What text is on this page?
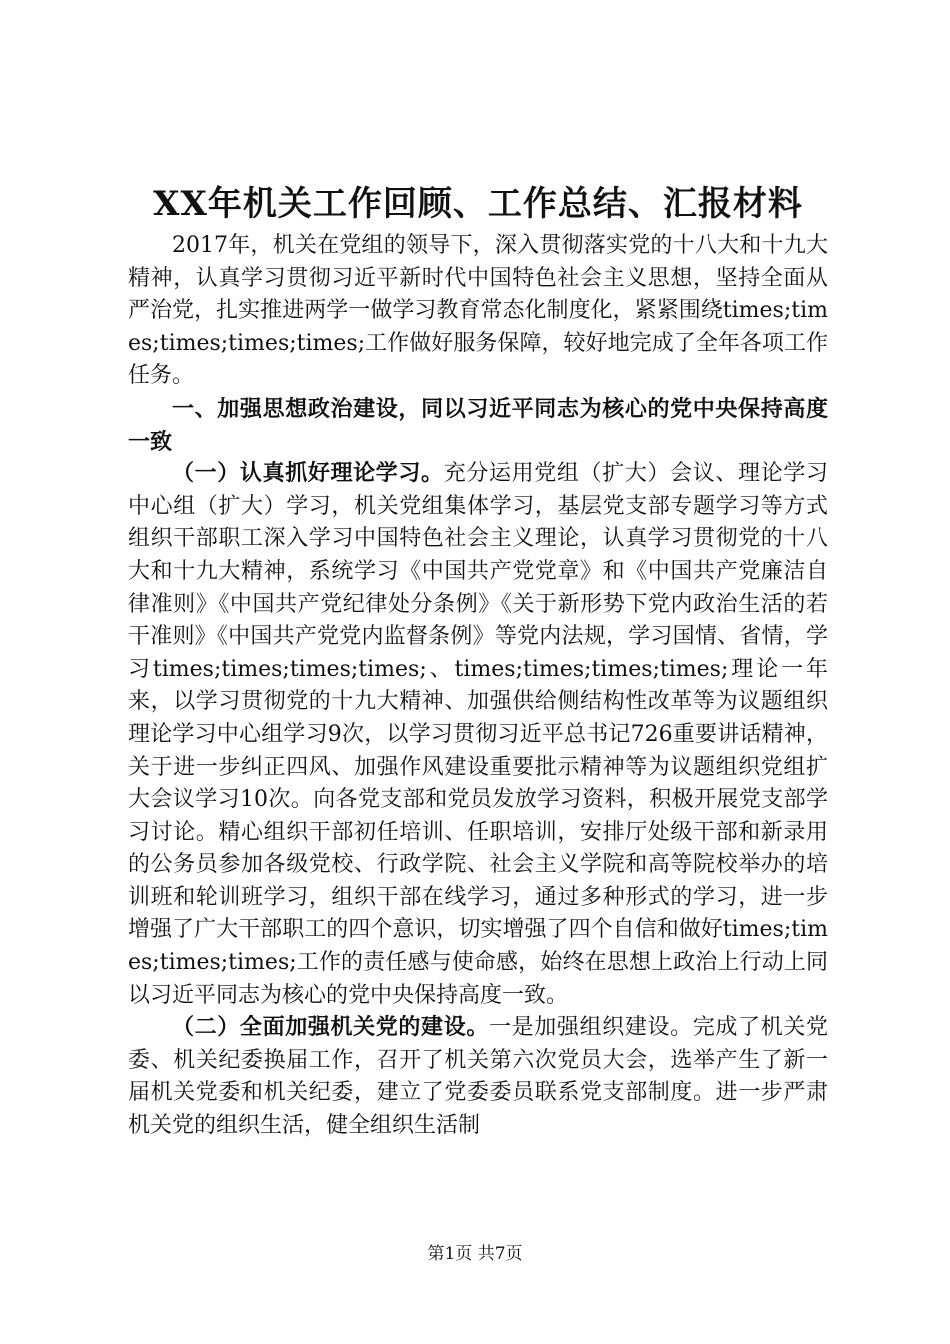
XX年机关工作回顾、工作总结、汇报材料

2017年，机关在党组的领导下，深入贯彻落实党的十八大和十九大精神，认真学习贯彻习近平新时代中国特色社会主义思想，坚持全面从严治党，扎实推进两学一做学习教育常态化制度化，紧紧围绕times;times;times;times;times;工作做好服务保障，较好地完成了全年各项工作任务。

一、加强思想政治建设，同以习近平同志为核心的党中央保持高度一致

（一）认真抓好理论学习。充分运用党组（扩大）会议、理论学习中心组（扩大）学习，机关党组集体学习，基层党支部专题学习等方式组织干部职工深入学习中国特色社会主义理论，认真学习贯彻党的十八大和十九大精神，系统学习《中国共产党党章》和《中国共产党廉洁自律准则》《中国共产党纪律处分条例》《关于新形势下党内政治生活的若干准则》《中国共产党党内监督条例》等党内法规，学习国情、省情，学习times;times;times;times;、times;times;times;times;理论一年来，以学习贯彻党的十九大精神、加强供给侧结构性改革等为议题组织理论学习中心组学习9次，以学习贯彻习近平总书记726重要讲话精神，关于进一步纠正四风、加强作风建设重要批示精神等为议题组织党组扩大会议学习10次。向各党支部和党员发放学习资料，积极开展党支部学习讨论。精心组织干部初任培训、任职培训，安排厅处级干部和新录用的公务员参加各级党校、行政学院、社会主义学院和高等院校举办的培训班和轮训班学习，组织干部在线学习，通过多种形式的学习，进一步增强了广大干部职工的四个意识，切实增强了四个自信和做好times;times;times;times;工作的责任感与使命感，始终在思想上政治上行动上同以习近平同志为核心的党中央保持高度一致。

（二）全面加强机关党的建设。一是加强组织建设。完成了机关党委、机关纪委换届工作，召开了机关第六次党员大会，选举产生了新一届机关党委和机关纪委，建立了党委委员联系党支部制度。进一步严肃机关党的组织生活，健全组织生活制

第1页 共7页
